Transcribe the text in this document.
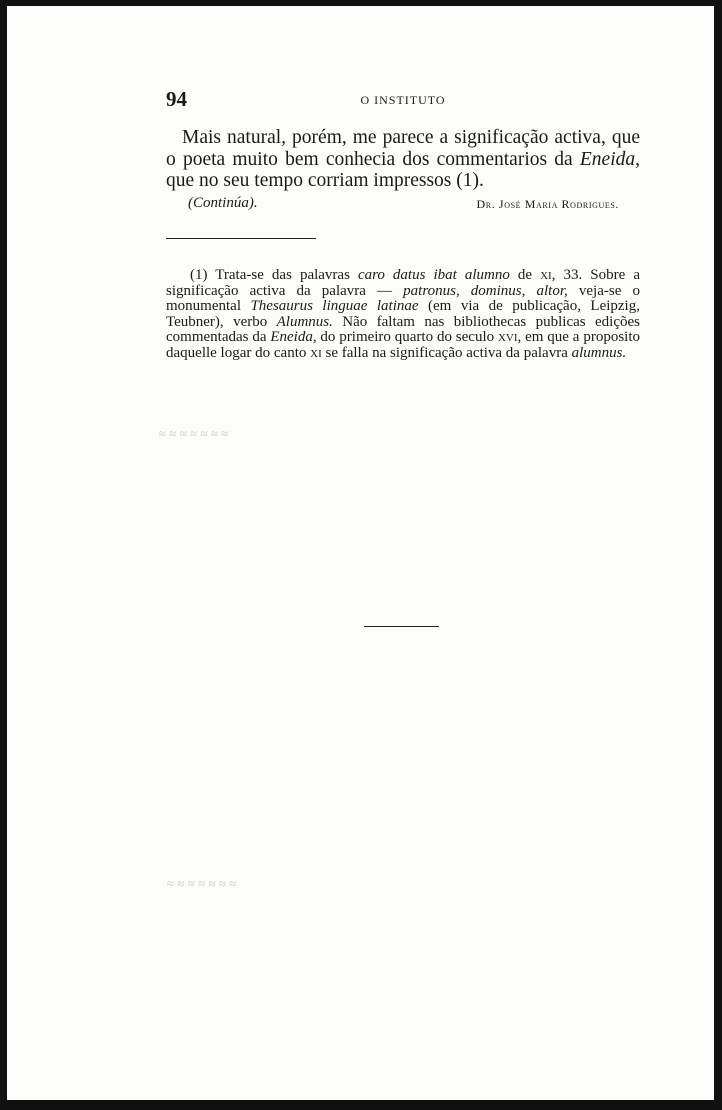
≈ ≈ ≈ ≈ ≈ ≈ ≈
≈ ≈ ≈ ≈ ≈ ≈ ≈
94	O INSTITUTO

Mais natural, porém, me parece a significação activa, que o poeta muito bem conhecia dos commentarios da Eneida, que no seu tempo corriam impressos (1).

(Continúa).	Dr. José Maria Rodrigues.

(1) Trata-se das palavras caro datus ibat alumno de xi, 33. Sobre a significação activa da palavra — patronus, dominus, altor, veja-se o monumental Thesaurus linguae latinae (em via de publicação, Leipzig, Teubner), verbo Alumnus. Não faltam nas bibliothecas publicas edições commentadas da Eneida, do primeiro quarto do seculo xvi, em que a proposito daquelle logar do canto xi se falla na significação activa da palavra alumnus.
